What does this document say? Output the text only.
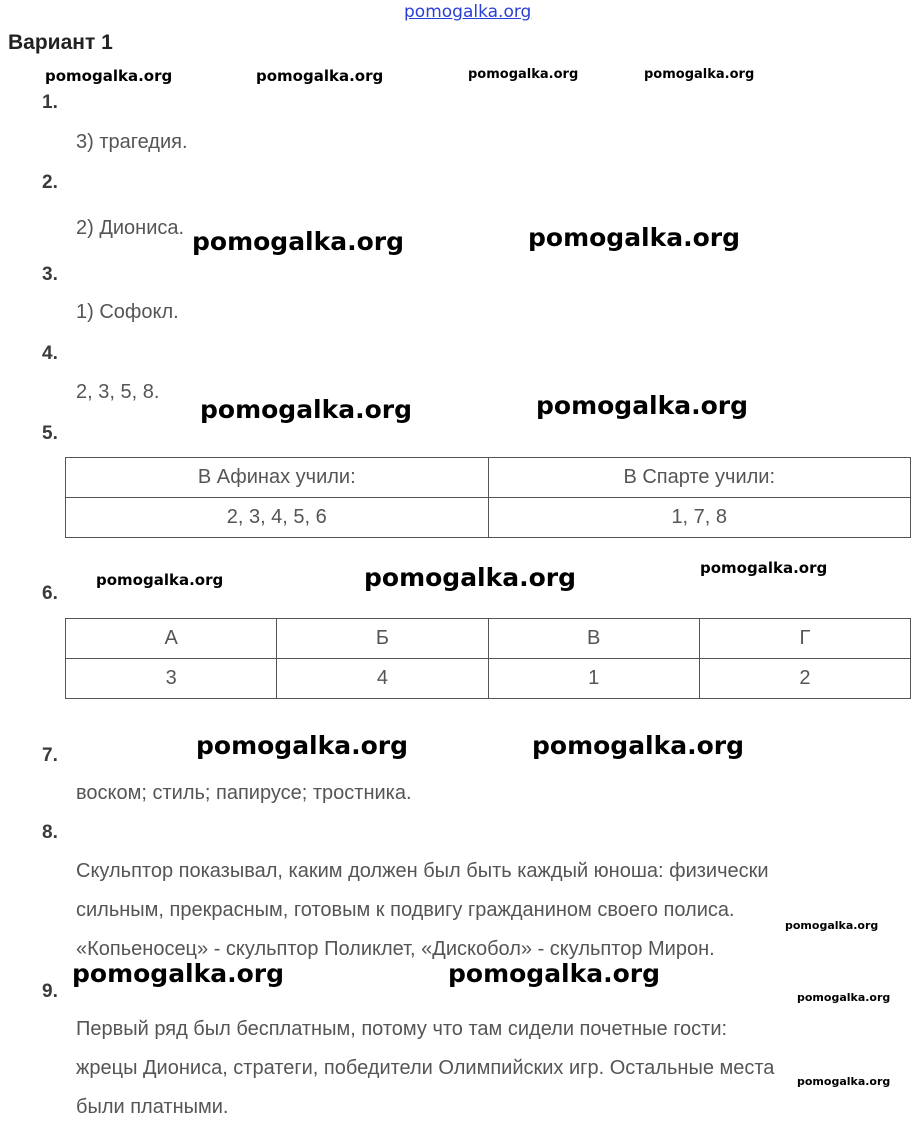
pomogalka.org
Вариант 1
pomogalka.org	pomogalka.org	pomogalka.org	pomogalka.org
pomogalka.org	pomogalka.org
pomogalka.org	pomogalka.org
pomogalka.org	pomogalka.org	pomogalka.org
pomogalka.org	pomogalka.org
pomogalka.org
pomogalka.org	pomogalka.org
pomogalka.org
pomogalka.org
1.
3) трагедия.
2.
2) Диониса.
3.
1) Софокл.
4.
2, 3, 5, 8.
5.
В Афинах учили:	В Спарте учили:
2, 3, 4, 5, 6	1, 7, 8
6.
А	Б	В	Г
3	4	1	2
7.
воском; стиль; папирусе; тростника.
8.
Скульптор показывал, каким должен был быть каждый юноша: физически
сильным, прекрасным, готовым к подвигу гражданином своего полиса.
«Копьеносец» - скульптор Поликлет, «Дискобол» - скульптор Мирон.
9.
Первый ряд был бесплатным, потому что там сидели почетные гости:
жрецы Диониса, стратеги, победители Олимпийских игр. Остальные места
были платными.
